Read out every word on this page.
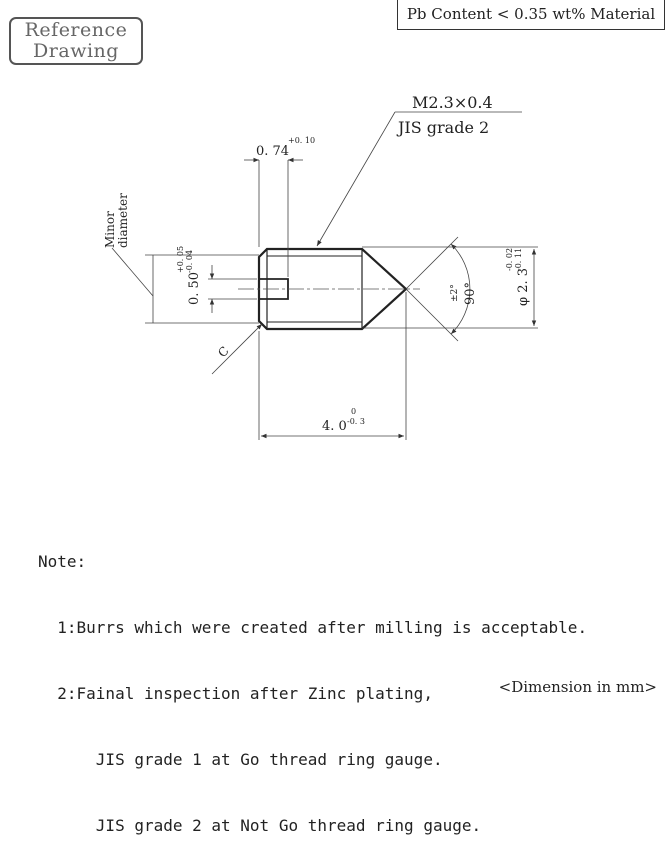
Reference
Drawing
Pb Content < 0.35 wt% Material
0. 74
+0. 10
M2.3×0.4
JIS grade 2
Minor diameter
0. 50
+0. 05 -0. 04
C
90°
±2°	φ 2. 3
-0. 02 -0. 11
4. 0
0
-0. 3

Note:

1:Burrs which were created after milling is acceptable.

2:Fainal inspection after Zinc plating,

JIS grade 1 at Go thread ring gauge.

JIS grade 2 at Not Go thread ring gauge.

<Dimension in mm>
